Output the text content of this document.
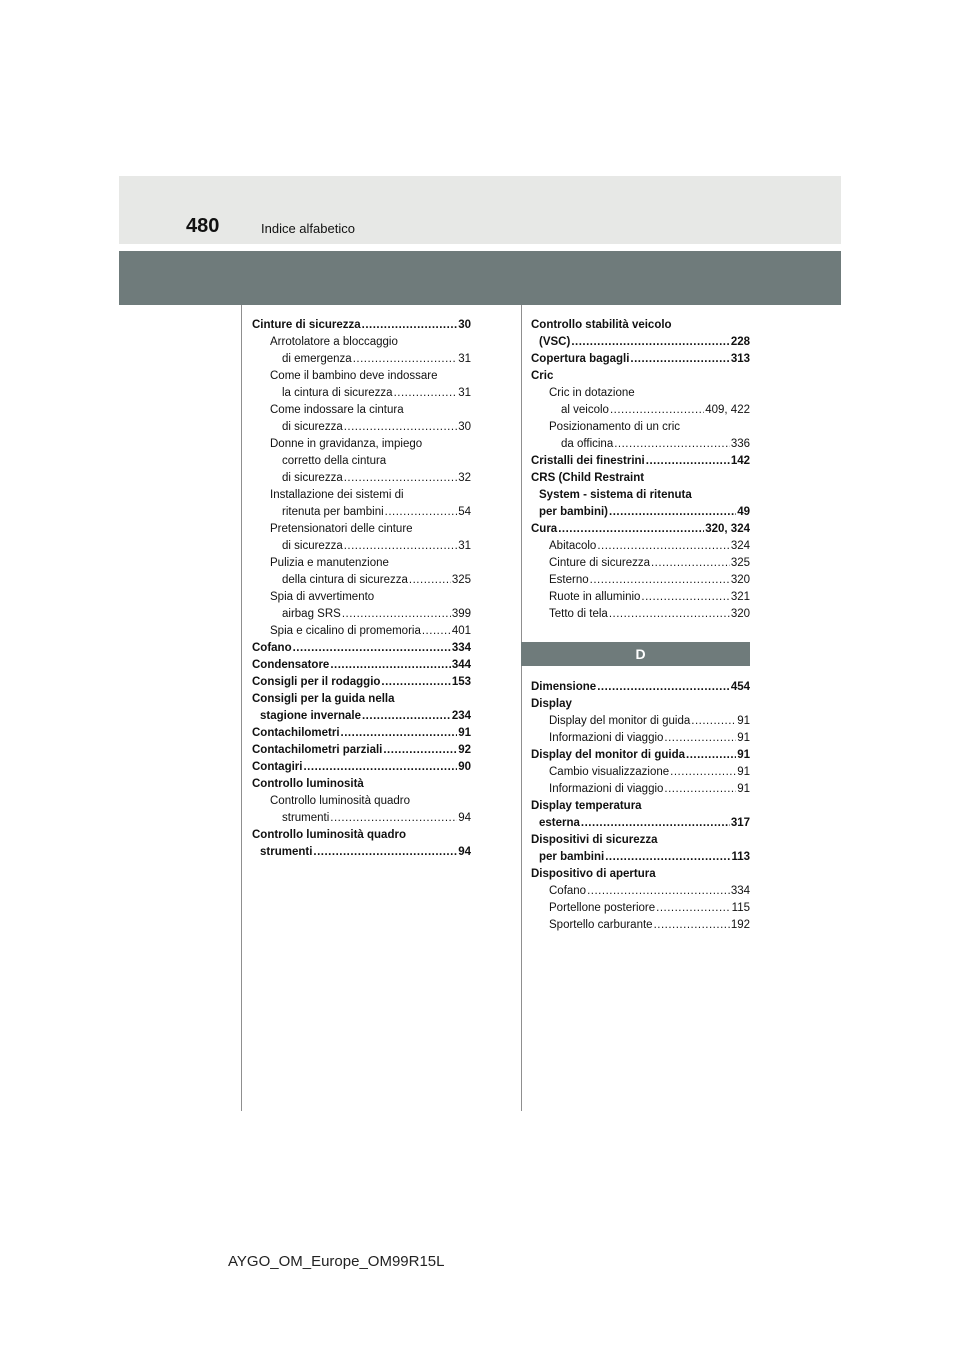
480	Indice alfabetico
Cinture di sicurezza .....	30
Arrotolatore a bloccaggio
di emergenza .....	31
Come il bambino deve indossare
la cintura di sicurezza .....	31
Come indossare la cintura
di sicurezza .....	30
Donne in gravidanza, impiego
corretto della cintura
di sicurezza .....	32
Installazione dei sistemi di
ritenuta per bambini .....	54
Pretensionatori delle cinture
di sicurezza .....	31
Pulizia e manutenzione
della cintura di sicurezza .....	325
Spia di avvertimento
airbag SRS .....	399
Spia e cicalino di promemoria .....	401
Cofano .....	334
Condensatore .....	344
Consigli per il rodaggio .....	153
Consigli per la guida nella
stagione invernale .....	234
Contachilometri .....	91
Contachilometri parziali .....	92
Contagiri .....	90
Controllo luminosità
Controllo luminosità quadro
strumenti .....	94
Controllo luminosità quadro
strumenti .....	94
Controllo stabilità veicolo
(VSC) .....	228
Copertura bagagli .....	313
Cric
Cric in dotazione
al veicolo .....	409, 422
Posizionamento di un cric
da officina .....	336
Cristalli dei finestrini .....	142
CRS (Child Restraint
System - sistema di ritenuta
per bambini) .....	49
Cura .....	320, 324
Abitacolo .....	324
Cinture di sicurezza .....	325
Esterno .....	320
Ruote in alluminio .....	321
Tetto di tela .....	320
D
Dimensione .....	454
Display
Display del monitor di guida .....	91
Informazioni di viaggio .....	91
Display del monitor di guida .....	91
Cambio visualizzazione .....	91
Informazioni di viaggio .....	91
Display temperatura
esterna .....	317
Dispositivi di sicurezza
per bambini .....	113
Dispositivo di apertura
Cofano .....	334
Portellone posteriore .....	115
Sportello carburante .....	192
AYGO_OM_Europe_OM99R15L
